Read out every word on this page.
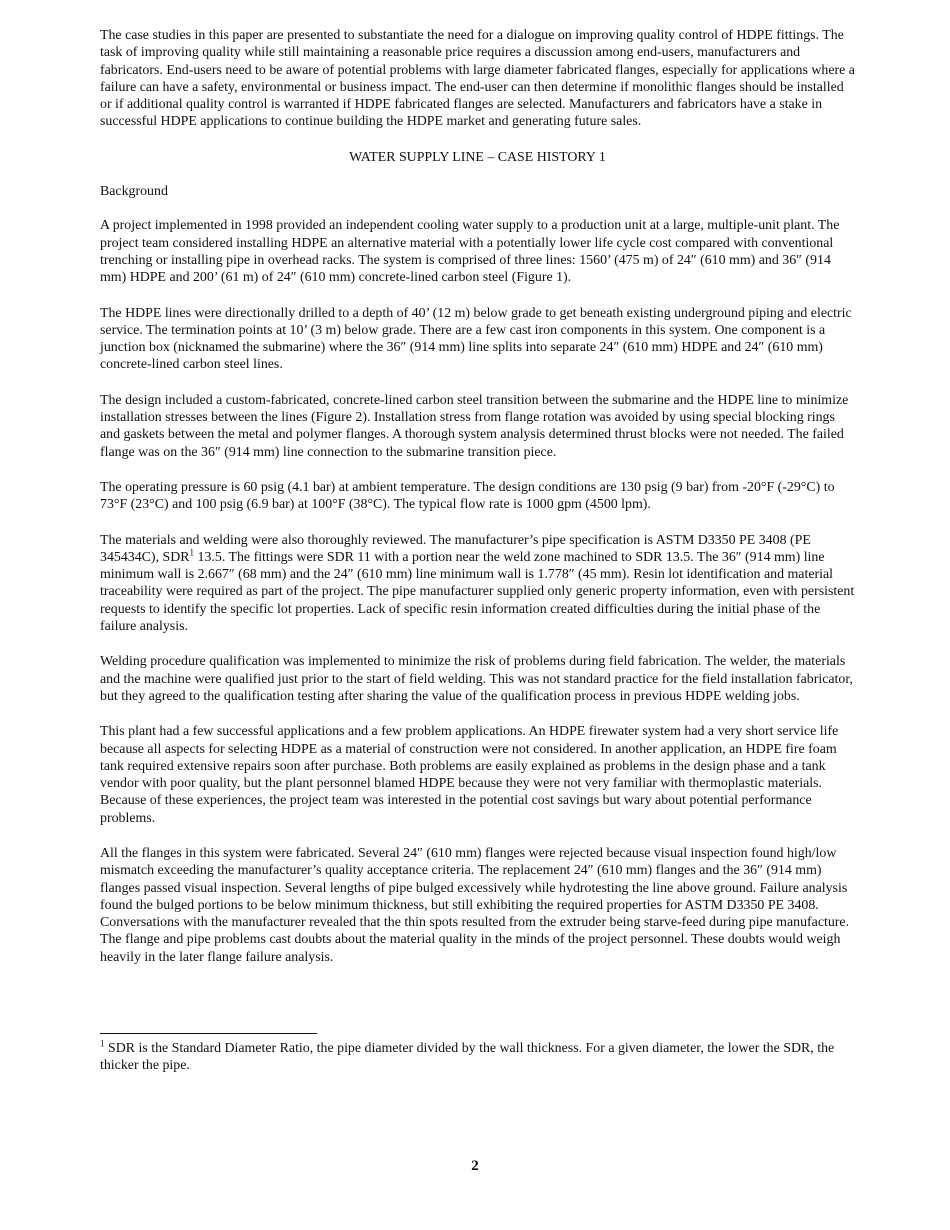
The case studies in this paper are presented to substantiate the need for a dialogue on improving quality control of HDPE fittings. The task of improving quality while still maintaining a reasonable price requires a discussion among end-users, manufacturers and fabricators. End-users need to be aware of potential problems with large diameter fabricated flanges, especially for applications where a failure can have a safety, environmental or business impact. The end-user can then determine if monolithic flanges should be installed or if additional quality control is warranted if HDPE fabricated flanges are selected. Manufacturers and fabricators have a stake in successful HDPE applications to continue building the HDPE market and generating future sales.

WATER SUPPLY LINE – CASE HISTORY 1

Background

A project implemented in 1998 provided an independent cooling water supply to a production unit at a large, multiple-unit plant. The project team considered installing HDPE an alternative material with a potentially lower life cycle cost compared with conventional trenching or installing pipe in overhead racks. The system is comprised of three lines: 1560’ (475 m) of 24″ (610 mm) and 36″ (914 mm) HDPE and 200’ (61 m) of 24″ (610 mm) concrete-lined carbon steel (Figure 1).

The HDPE lines were directionally drilled to a depth of 40’ (12 m) below grade to get beneath existing underground piping and electric service. The termination points at 10’ (3 m) below grade. There are a few cast iron components in this system. One component is a junction box (nicknamed the submarine) where the 36″ (914 mm) line splits into separate 24″ (610 mm) HDPE and 24″ (610 mm) concrete-lined carbon steel lines.

The design included a custom-fabricated, concrete-lined carbon steel transition between the submarine and the HDPE line to minimize installation stresses between the lines (Figure 2). Installation stress from flange rotation was avoided by using special blocking rings and gaskets between the metal and polymer flanges. A thorough system analysis determined thrust blocks were not needed. The failed flange was on the 36″ (914 mm) line connection to the submarine transition piece.

The operating pressure is 60 psig (4.1 bar) at ambient temperature. The design conditions are 130 psig (9 bar) from -20°F (-29°C) to 73°F (23°C) and 100 psig (6.9 bar) at 100°F (38°C). The typical flow rate is 1000 gpm (4500 lpm).

The materials and welding were also thoroughly reviewed. The manufacturer’s pipe specification is ASTM D3350 PE 3408 (PE 345434C), SDR$^1$ 13.5. The fittings were SDR 11 with a portion near the weld zone machined to SDR 13.5. The 36″ (914 mm) line minimum wall is 2.667″ (68 mm) and the 24″ (610 mm) line minimum wall is 1.778″ (45 mm). Resin lot identification and material traceability were required as part of the project. The pipe manufacturer supplied only generic property information, even with persistent requests to identify the specific lot properties. Lack of specific resin information created difficulties during the initial phase of the failure analysis.

Welding procedure qualification was implemented to minimize the risk of problems during field fabrication. The welder, the materials and the machine were qualified just prior to the start of field welding. This was not standard practice for the field installation fabricator, but they agreed to the qualification testing after sharing the value of the qualification process in previous HDPE welding jobs.

This plant had a few successful applications and a few problem applications. An HDPE firewater system had a very short service life because all aspects for selecting HDPE as a material of construction were not considered. In another application, an HDPE fire foam tank required extensive repairs soon after purchase. Both problems are easily explained as problems in the design phase and a tank vendor with poor quality, but the plant personnel blamed HDPE because they were not very familiar with thermoplastic materials. Because of these experiences, the project team was interested in the potential cost savings but wary about potential performance problems.

All the flanges in this system were fabricated. Several 24″ (610 mm) flanges were rejected because visual inspection found high/low mismatch exceeding the manufacturer’s quality acceptance criteria. The replacement 24″ (610 mm) flanges and the 36″ (914 mm) flanges passed visual inspection. Several lengths of pipe bulged excessively while hydrotesting the line above ground. Failure analysis found the bulged portions to be below minimum thickness, but still exhibiting the required properties for ASTM D3350 PE 3408. Conversations with the manufacturer revealed that the thin spots resulted from the extruder being starve-feed during pipe manufacture. The flange and pipe problems cast doubts about the material quality in the minds of the project personnel. These doubts would weigh heavily in the later flange failure analysis.

$^1$ SDR is the Standard Diameter Ratio, the pipe diameter divided by the wall thickness. For a given diameter, the lower the SDR, the thicker the pipe.
2
